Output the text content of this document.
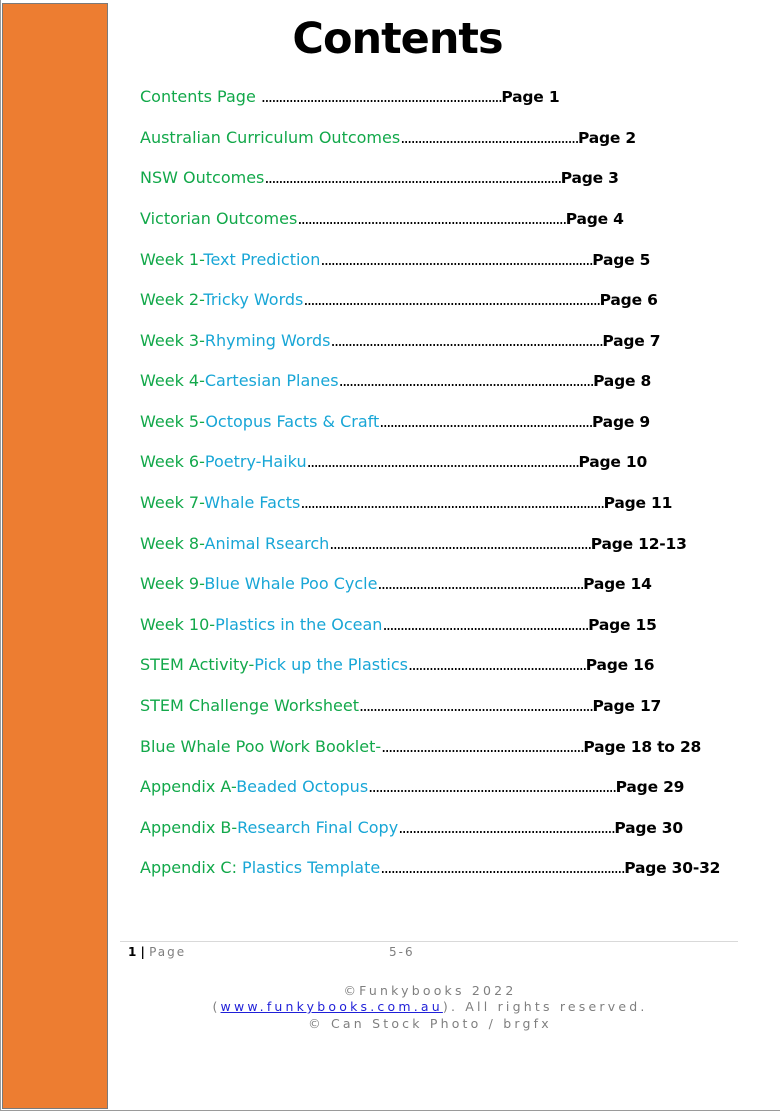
Contents
Contents Page .....................................................................Page 1
Australian Curriculum Outcomes...................................................Page 2
NSW Outcomes.....................................................................................Page 3
Victorian Outcomes.............................................................................Page 4
Week 1-Text Prediction..............................................................................Page 5
Week 2-Tricky Words.....................................................................................Page 6
Week 3-Rhyming Words..............................................................................Page 7
Week 4-Cartesian Planes.........................................................................Page 8
Week 5-Octopus Facts & Craft.............................................................Page 9
Week 6-Poetry-Haiku..............................................................................Page 10
Week 7-Whale Facts.......................................................................................Page 11
Week 8-Animal Rsearch...........................................................................Page 12-13
Week 9-Blue Whale Poo Cycle...........................................................Page 14
Week 10-Plastics in the Ocean...........................................................Page 15
STEM Activity-Pick up the Plastics...................................................Page 16
STEM Challenge Worksheet...................................................................Page 17
Blue Whale Poo Work Booklet-..........................................................Page 18 to 28
Appendix A-Beaded Octopus.......................................................................Page 29
Appendix B-Research Final Copy..............................................................Page 30
Appendix C: Plastics Template......................................................................Page 30-32
1 | Page	5-6
©Funkybooks 2022
(www.funkybooks.com.au). All rights reserved.
© Can Stock Photo / brgfx
